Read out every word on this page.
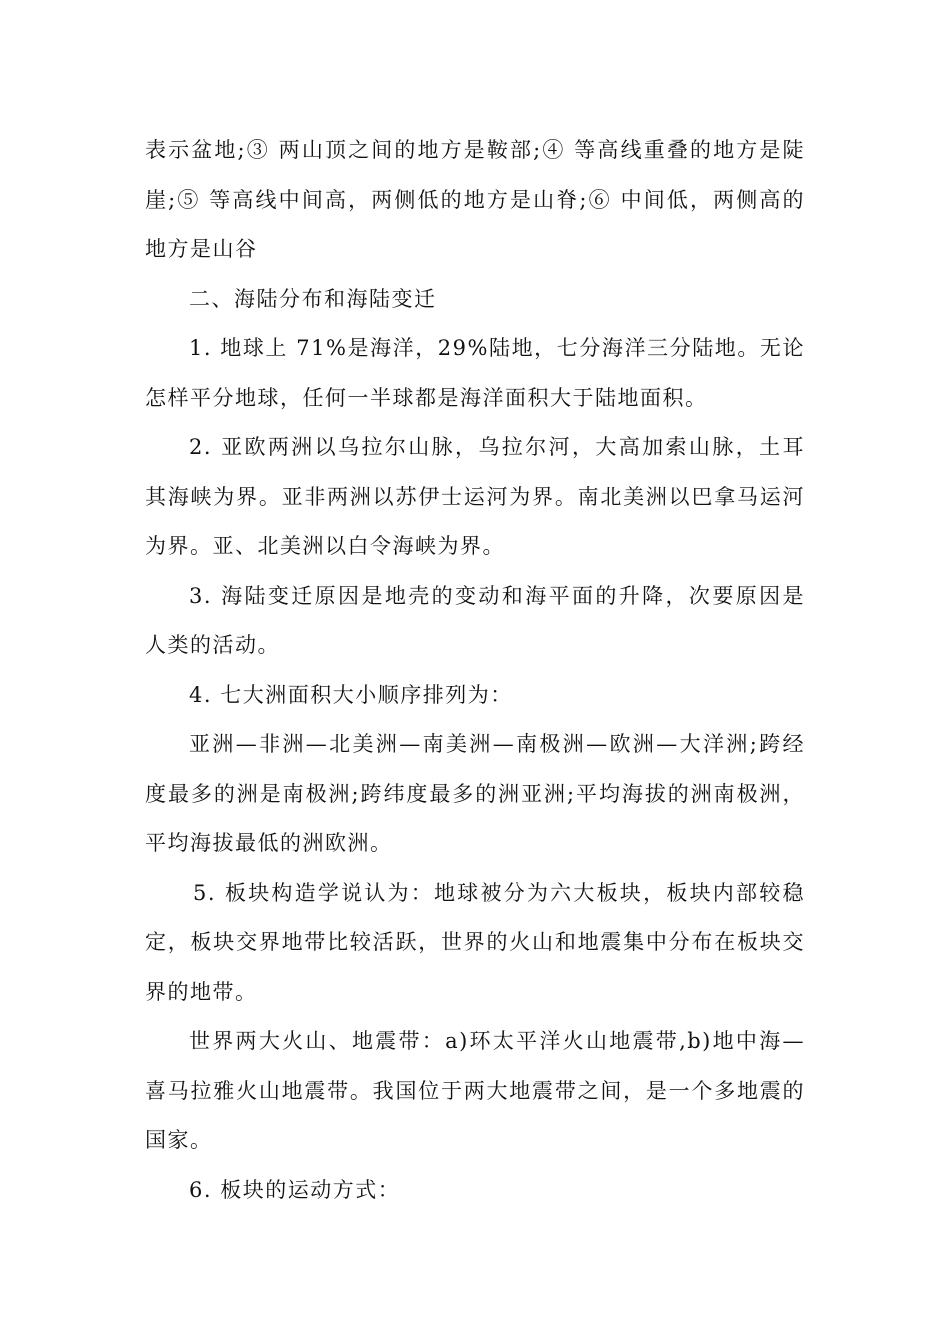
表示盆地;③ 两山顶之间的地方是鞍部;④ 等高线重叠的地方是陡崖;⑤ 等高线中间高，两侧低的地方是山脊;⑥ 中间低，两侧高的地方是山谷

二、海陆分布和海陆变迁

1. 地球上 71%是海洋，29%陆地，七分海洋三分陆地。无论怎样平分地球，任何一半球都是海洋面积大于陆地面积。

2. 亚欧两洲以乌拉尔山脉，乌拉尔河，大高加索山脉，土耳其海峡为界。亚非两洲以苏伊士运河为界。南北美洲以巴拿马运河为界。亚、北美洲以白令海峡为界。

3. 海陆变迁原因是地壳的变动和海平面的升降，次要原因是人类的活动。

4. 七大洲面积大小顺序排列为：

亚洲—非洲—北美洲—南美洲—南极洲—欧洲—大洋洲;跨经度最多的洲是南极洲;跨纬度最多的洲亚洲;平均海拔的洲南极洲，平均海拔最低的洲欧洲。

5. 板块构造学说认为：地球被分为六大板块，板块内部较稳定，板块交界地带比较活跃，世界的火山和地震集中分布在板块交界的地带。

世界两大火山、地震带：a)环太平洋火山地震带,b)地中海—喜马拉雅火山地震带。我国位于两大地震带之间，是一个多地震的国家。

6. 板块的运动方式：
